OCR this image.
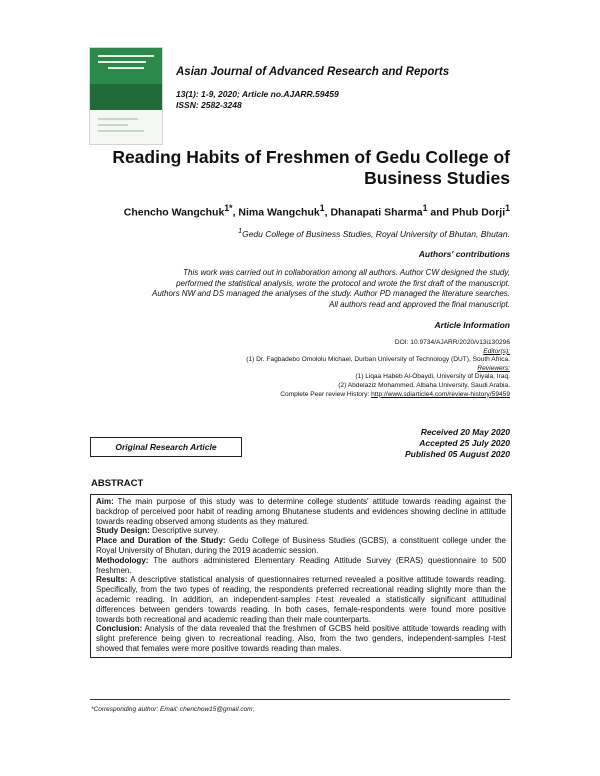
Asian Journal of Advanced Research and Reports
13(1): 1-9, 2020; Article no.AJARR.59459
ISSN: 2582-3248
Reading Habits of Freshmen of Gedu College of Business Studies
Chencho Wangchuk$^{1*}$, Nima Wangchuk$^1$, Dhanapati Sharma$^1$ and Phub Dorji$^1$
$^1$Gedu College of Business Studies, Royal University of Bhutan, Bhutan.
Authors' contributions
This work was carried out in collaboration among all authors. Author CW designed the study,
performed the statistical analysis, wrote the protocol and wrote the first draft of the manuscript.
Authors NW and DS managed the analyses of the study. Author PD managed the literature searches.
All authors read and approved the final manuscript.
Article Information
DOI: 10.9734/AJARR/2020/v13i130296
Editor(s):
(1) Dr. Fagbadebo Omololu Michael, Durban University of Technology (DUT), South Africa.
Reviewers:
(1) Liqaa Habeb Al-Obaydi, University of Diyala, Iraq.
(2) Abdelaziz Mohammed, Albaha University, Saudi Arabia.
Complete Peer review History: http://www.sdiarticle4.com/review-history/59459
Original Research Article
Received 20 May 2020
Accepted 25 July 2020
Published 05 August 2020
ABSTRACT

Aim: The main purpose of this study was to determine college students' attitude towards reading against the backdrop of perceived poor habit of reading among Bhutanese students and evidences showing decline in attitude towards reading observed among students as they matured.

Study Design: Descriptive survey.

Place and Duration of the Study: Gedu College of Business Studies (GCBS), a constituent college under the Royal University of Bhutan, during the 2019 academic session.

Methodology: The authors administered Elementary Reading Attitude Survey (ERAS) questionnaire to 500 freshmen.

Results: A descriptive statistical analysis of questionnaires returned revealed a positive attitude towards reading. Specifically, from the two types of reading, the respondents preferred recreational reading slightly more than the academic reading. In addition, an independent-samples t-test revealed a statistically significant attitudinal differences between genders towards reading. In both cases, female-respondents were found more positive towards both recreational and academic reading than their male counterparts.

Conclusion: Analysis of the data revealed that the freshmen of GCBS held positive attitude towards reading with slight preference being given to recreational reading. Also, from the two genders, independent-samples t-test showed that females were more positive towards reading than males.

*Corresponding author: Email: chenchow15@gmail.com;
